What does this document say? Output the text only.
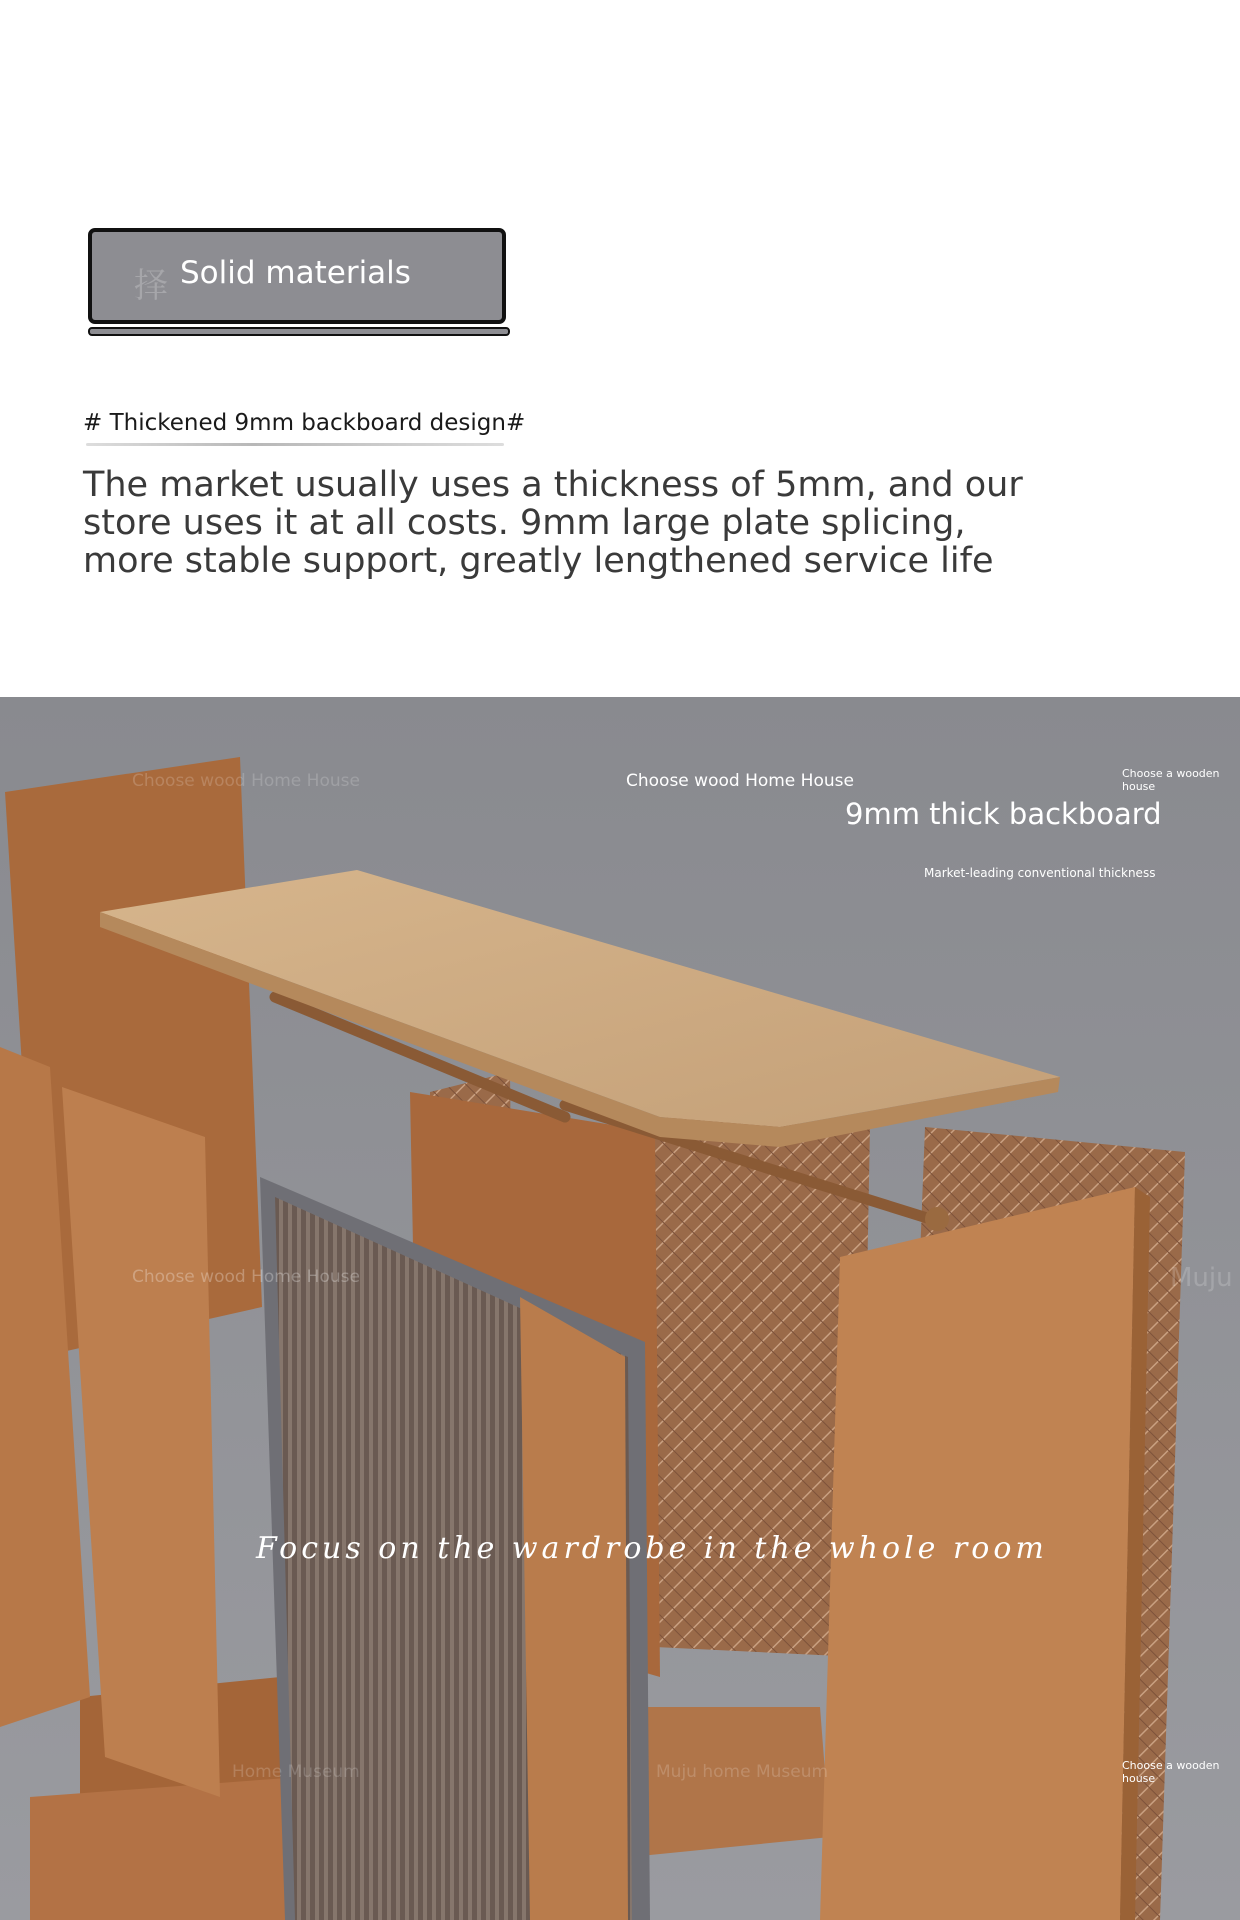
择 Solid materials
# Thickened 9mm backboard design#
The market usually uses a thickness of 5mm, and our store uses it at all costs. 9mm large plate splicing, more stable support, greatly lengthened service life
Choose wood Home House	Choose wood Home House	Choose a wooden house
9mm thick backboard
Market-leading conventional thickness
Choose wood Home House	Muju
Focus on the wardrobe in the whole room
Home Museum	Muju home Museum	Choose a wooden house
